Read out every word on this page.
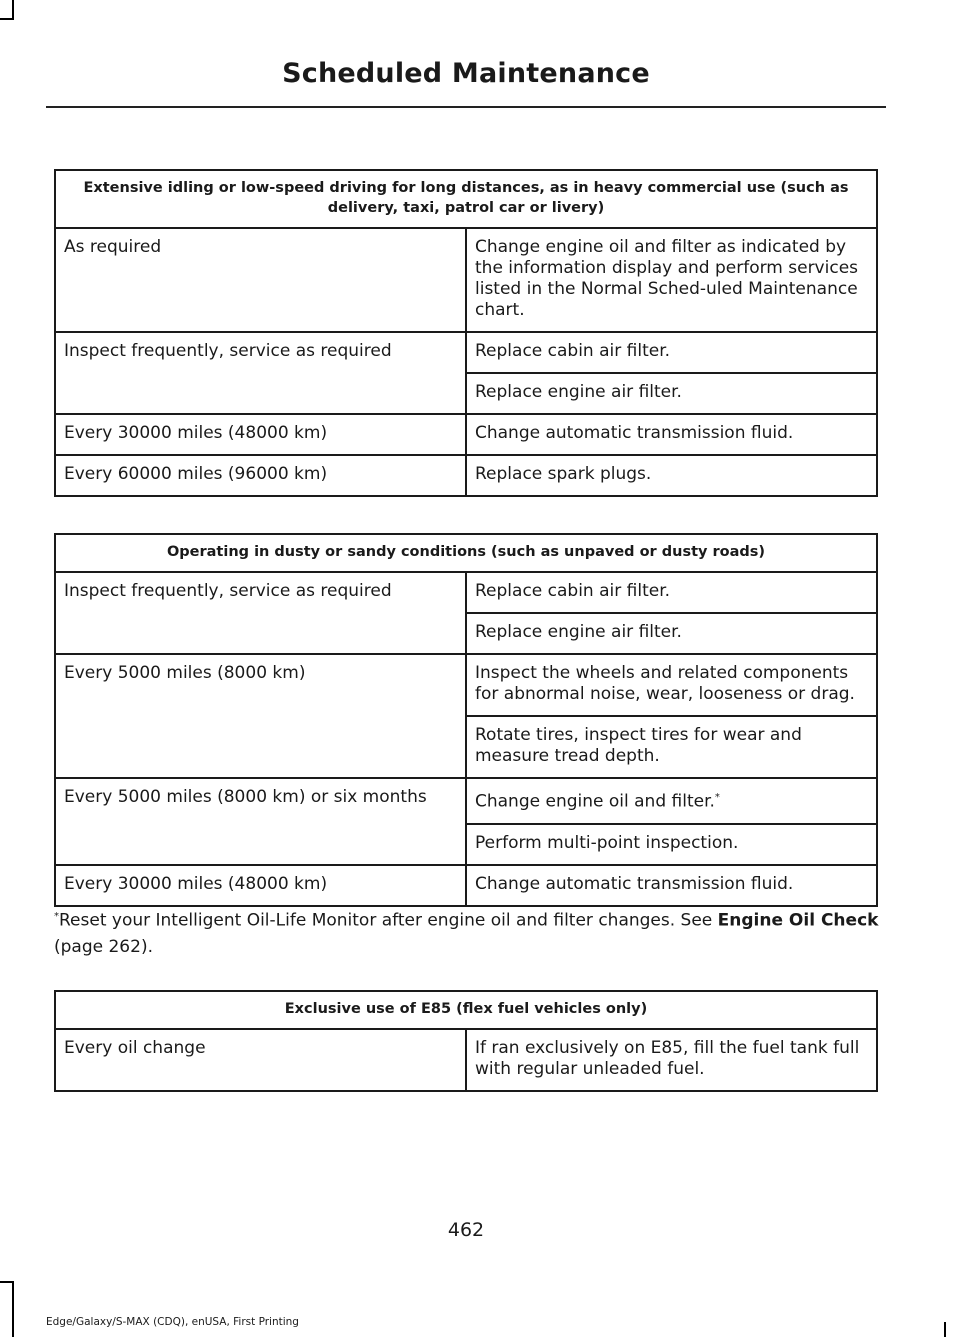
Scheduled Maintenance
Extensive idling or low-speed driving for long distances, as in heavy commercial use (such as delivery, taxi, patrol car or livery)	
As required	Change engine oil and filter as indicated by the information display and perform services listed in the Normal Sched-uled Maintenance chart.
Inspect frequently, service as required	Replace cabin air filter.
	Replace engine air filter.
Every 30000 miles (48000 km)	Change automatic transmission fluid.
Every 60000 miles (96000 km)	Replace spark plugs.
Operating in dusty or sandy conditions (such as unpaved or dusty roads)	
Inspect frequently, service as required	Replace cabin air filter.
	Replace engine air filter.
Every 5000 miles (8000 km)	Inspect the wheels and related components for abnormal noise, wear, looseness or drag.
	Rotate tires, inspect tires for wear and measure tread depth.
Every 5000 miles (8000 km) or six months	Change engine oil and filter.*
	Perform multi-point inspection.
Every 30000 miles (48000 km)	Change automatic transmission fluid.
*Reset your Intelligent Oil-Life Monitor after engine oil and filter changes. See Engine Oil Check (page 262).
Exclusive use of E85 (flex fuel vehicles only)
Every oil change	If ran exclusively on E85, fill the fuel tank full with regular unleaded fuel.
462
Edge/Galaxy/S-MAX (CDQ), enUSA, First Printing
